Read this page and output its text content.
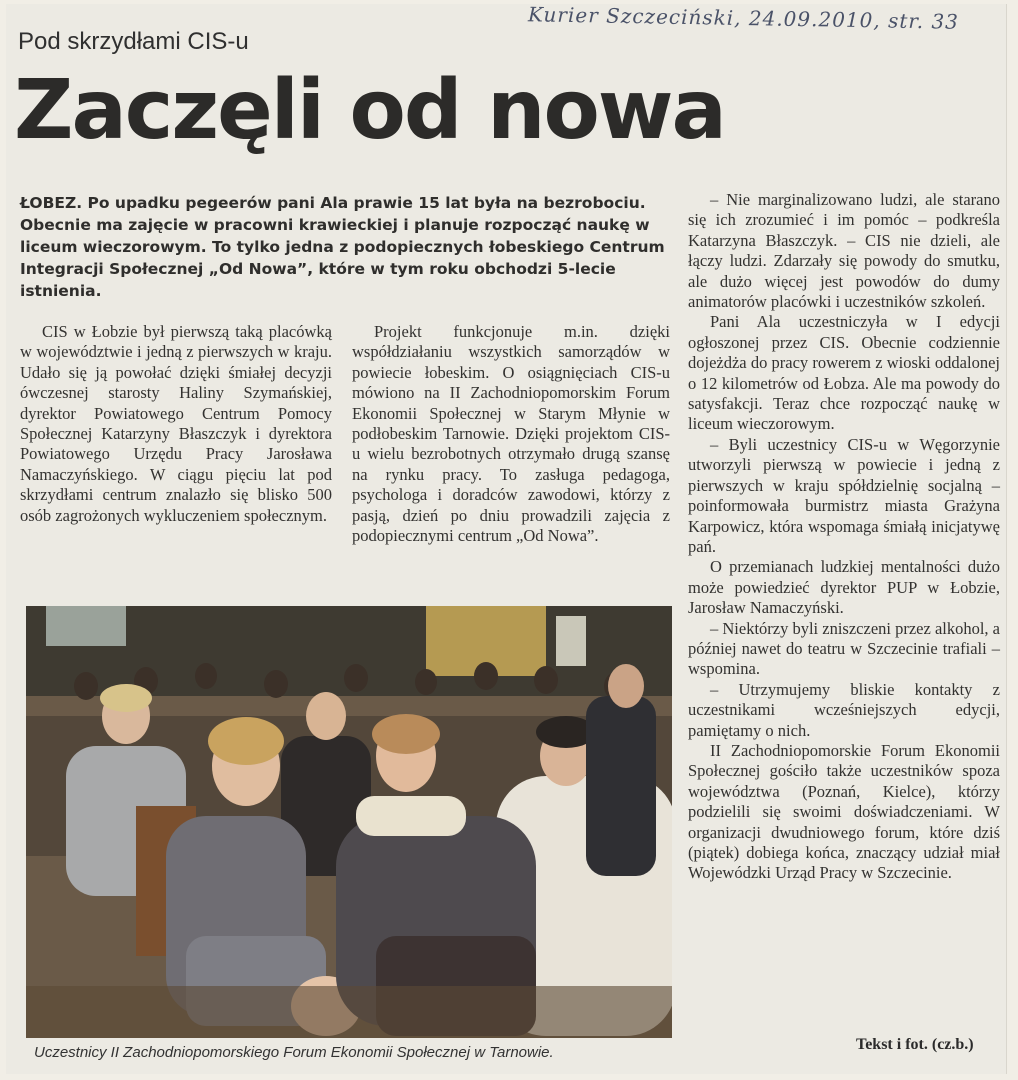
Pod skrzydłami CIS-u
Kurier Szczeciński, 24.09.2010, str. 33
Zaczęli od nowa
ŁOBEZ. Po upadku pegeerów pani Ala prawie 15 lat była na bezrobociu. Obecnie ma zajęcie w pracowni krawieckiej i planuje rozpocząć naukę w liceum wieczorowym. To tylko jedna z podopiecznych łobeskiego Centrum Integracji Społecznej „Od Nowa”, które w tym roku obchodzi 5-lecie istnienia.

CIS w Łobzie był pierwszą taką placówką w województwie i jedną z pierwszych w kraju. Udało się ją powołać dzięki śmiałej decyzji ówczesnej starosty Haliny Szymańskiej, dyrektor Powiatowego Centrum Pomocy Społecznej Katarzyny Błaszczyk i dyrektora Powiatowego Urzędu Pracy Jarosława Namaczyńskiego. W ciągu pięciu lat pod skrzydłami centrum znalazło się blisko 500 osób zagrożonych wykluczeniem społecznym.

Projekt funkcjonuje m.in. dzięki współdziałaniu wszystkich samorządów w powiecie łobeskim. O osiągnięciach CIS-u mówiono na II Zachodniopomorskim Forum Ekonomii Społecznej w Starym Młynie w podłobeskim Tarnowie. Dzięki projektom CIS-u wielu bezrobotnych otrzymało drugą szansę na rynku pracy. To zasługa pedagoga, psychologa i doradców zawodowi, którzy z pasją, dzień po dniu prowadzili zajęcia z podopiecznymi centrum „Od Nowa”.

– Nie marginalizowano ludzi, ale starano się ich zrozumieć i im pomóc – podkreśla Katarzyna Błaszczyk. – CIS nie dzieli, ale łączy ludzi. Zdarzały się powody do smutku, ale dużo więcej jest powodów do dumy animatorów placówki i uczestników szkoleń.

Pani Ala uczestniczyła w I edycji ogłoszonej przez CIS. Obecnie codziennie dojeżdża do pracy rowerem z wioski oddalonej o 12 kilometrów od Łobza. Ale ma powody do satysfakcji. Teraz chce rozpocząć naukę w liceum wieczorowym.

– Byli uczestnicy CIS-u w Węgorzynie utworzyli pierwszą w powiecie i jedną z pierwszych w kraju spółdzielnię socjalną – poinformowała burmistrz miasta Grażyna Karpowicz, która wspomaga śmiałą inicjatywę pań.

O przemianach ludzkiej mentalności dużo może powiedzieć dyrektor PUP w Łobzie, Jarosław Namaczyński.

– Niektórzy byli zniszczeni przez alkohol, a później nawet do teatru w Szczecinie trafiali – wspomina.

– Utrzymujemy bliskie kontakty z uczestnikami wcześniejszych edycji, pamiętamy o nich.

II Zachodniopomorskie Forum Ekonomii Społecznej gościło także uczestników spoza województwa (Poznań, Kielce), którzy podzielili się swoimi doświadczeniami. W organizacji dwudniowego forum, które dziś (piątek) dobiega końca, znaczący udział miał Wojewódzki Urząd Pracy w Szczecinie.

Uczestnicy II Zachodniopomorskiego Forum Ekonomii Społecznej w Tarnowie.	Tekst i fot. (cz.b.)
